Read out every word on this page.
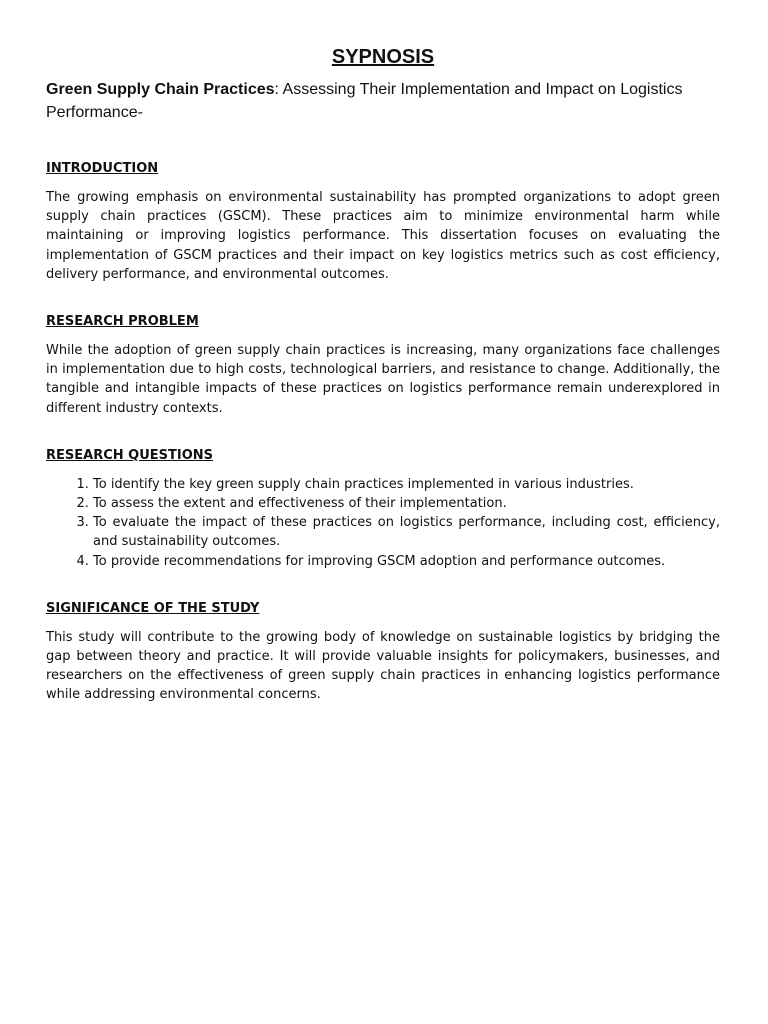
SYPNOSIS

Green Supply Chain Practices: Assessing Their Implementation and Impact on Logistics Performance-

INTRODUCTION

The growing emphasis on environmental sustainability has prompted organizations to adopt green supply chain practices (GSCM). These practices aim to minimize environmental harm while maintaining or improving logistics performance. This dissertation focuses on evaluating the implementation of GSCM practices and their impact on key logistics metrics such as cost efficiency, delivery performance, and environmental outcomes.

RESEARCH PROBLEM

While the adoption of green supply chain practices is increasing, many organizations face challenges in implementation due to high costs, technological barriers, and resistance to change. Additionally, the tangible and intangible impacts of these practices on logistics performance remain underexplored in different industry contexts.

RESEARCH QUESTIONS
1. To identify the key green supply chain practices implemented in various industries.
2. To assess the extent and effectiveness of their implementation.
3. To evaluate the impact of these practices on logistics performance, including cost, efficiency, and sustainability outcomes.
4. To provide recommendations for improving GSCM adoption and performance outcomes.
SIGNIFICANCE OF THE STUDY

This study will contribute to the growing body of knowledge on sustainable logistics by bridging the gap between theory and practice. It will provide valuable insights for policymakers, businesses, and researchers on the effectiveness of green supply chain practices in enhancing logistics performance while addressing environmental concerns.
